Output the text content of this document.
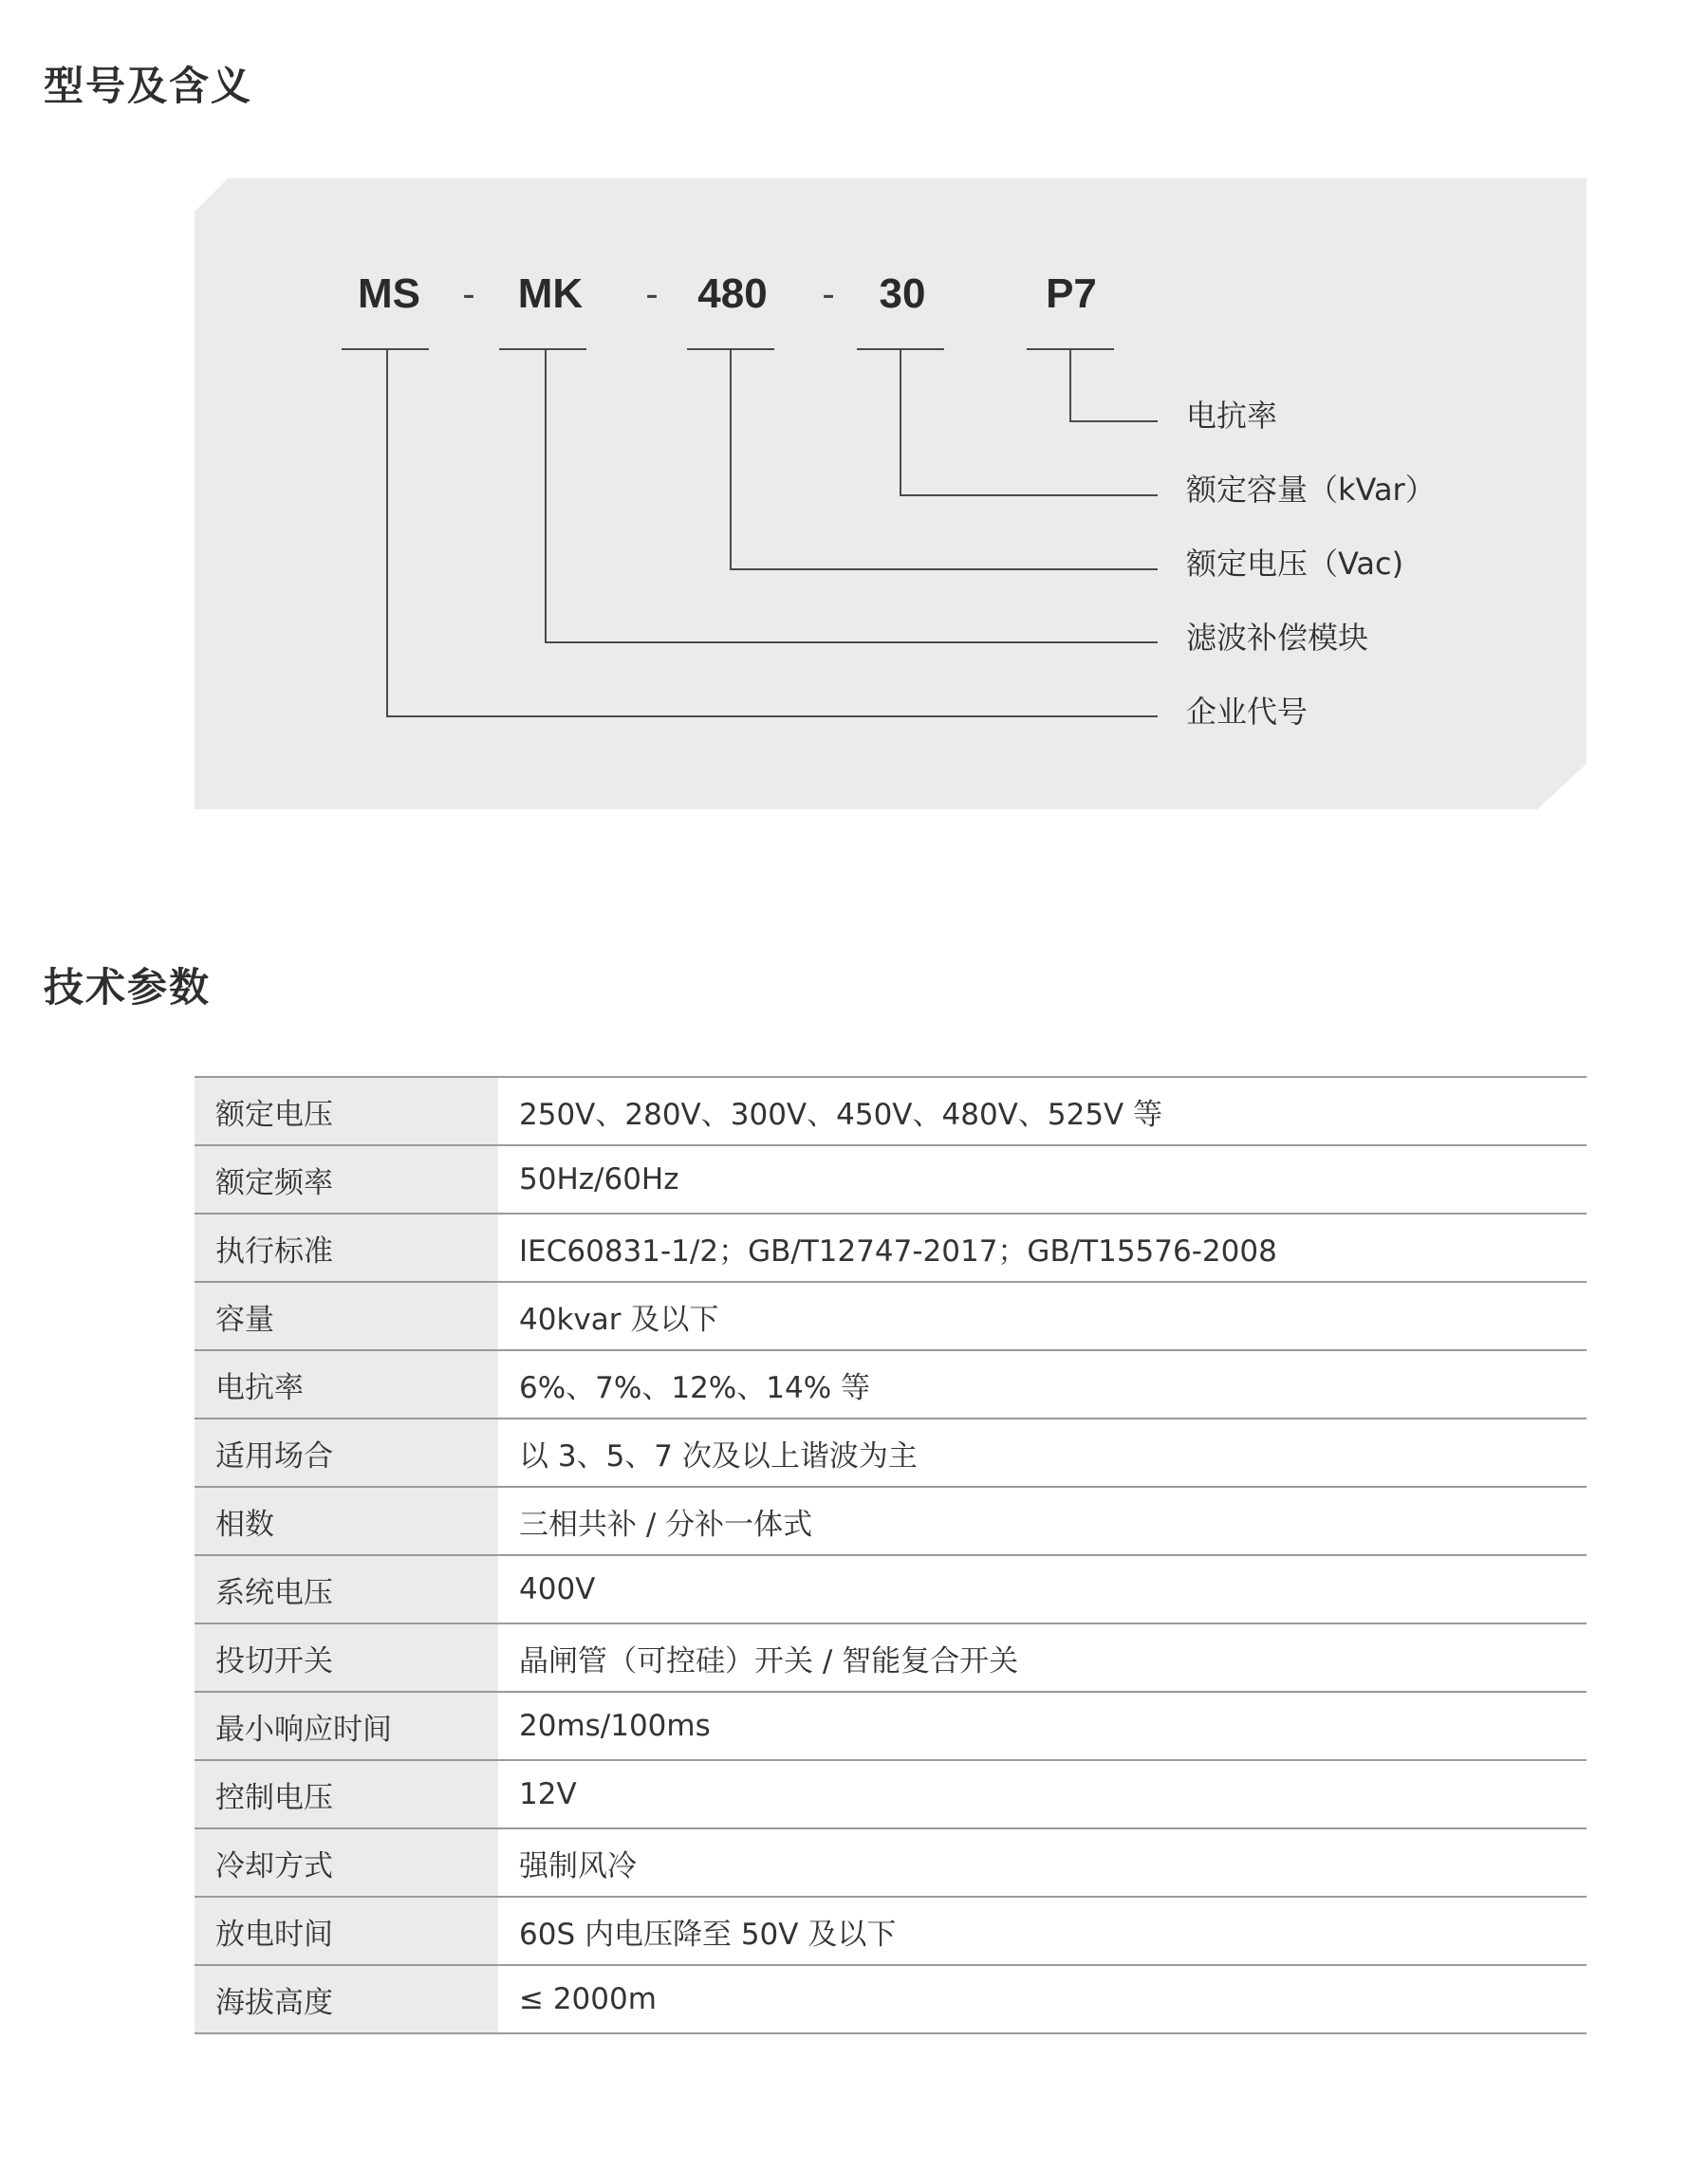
型号及含义
MS	-	MK	- 480	-	30	P7
电抗率
额定容量（kVar）
额定电压（Vac)
滤波补偿模块
企业代号
技术参数
额定电压	250V、280V、300V、450V、480V、525V 等
额定频率	50Hz/60Hz
执行标准	IEC60831-1/2；GB/T12747-2017；GB/T15576-2008
容量	40kvar 及以下
电抗率	6%、7%、12%、14% 等
适用场合	以 3、5、7 次及以上谐波为主
相数	三相共补 / 分补一体式
系统电压	400V
投切开关	晶闸管（可控硅）开关 / 智能复合开关
最小响应时间	20ms/100ms
控制电压	12V
冷却方式	强制风冷
放电时间	60S 内电压降至 50V 及以下
海拔高度	≤ 2000m
